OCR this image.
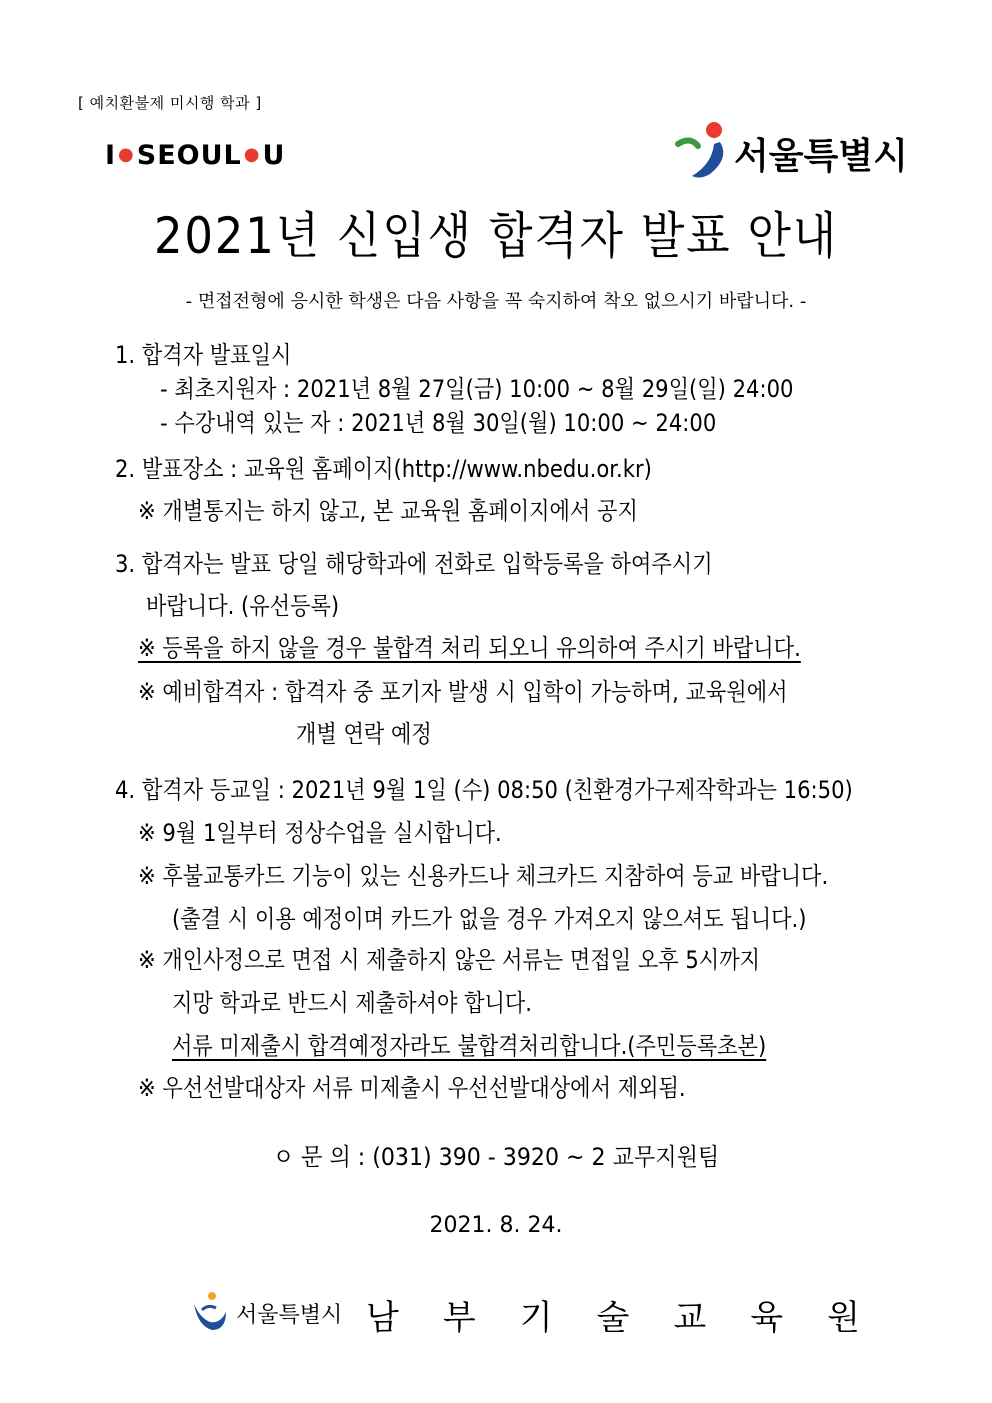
[ 예치환불제 미시행 학과 ]
I ●SEOUL ●U	서울특별시
2021년 신입생 합격자 발표 안내
- 면접전형에 응시한 학생은 다음 사항을 꼭 숙지하여 착오 없으시기 바랍니다. -
1. 합격자 발표일시
- 최초지원자 : 2021년 8월 27일(금) 10:00 ~ 8월 29일(일) 24:00
- 수강내역 있는 자 : 2021년 8월 30일(월) 10:00 ~ 24:00
2. 발표장소 : 교육원 홈페이지(http://www.nbedu.or.kr)
※ 개별통지는 하지 않고, 본 교육원 홈페이지에서 공지
3. 합격자는 발표 당일 해당학과에 전화로 입학등록을 하여주시기
바랍니다. (유선등록)
※ 등록을 하지 않을 경우 불합격 처리 되오니 유의하여 주시기 바랍니다.
※ 예비합격자 : 합격자 중 포기자 발생 시 입학이 가능하며, 교육원에서
개별 연락 예정
4. 합격자 등교일 : 2021년 9월 1일 (수) 08:50 (친환경가구제작학과는 16:50)
※ 9월 1일부터 정상수업을 실시합니다.
※ 후불교통카드 기능이 있는 신용카드나 체크카드 지참하여 등교 바랍니다.
(출결 시 이용 예정이며 카드가 없을 경우 가져오지 않으셔도 됩니다.)
※ 개인사정으로 면접 시 제출하지 않은 서류는 면접일 오후 5시까지
지망 학과로 반드시 제출하셔야 합니다.
서류 미제출시 합격예정자라도 불합격처리합니다.(주민등록초본)
※ 우선선발대상자 서류 미제출시 우선선발대상에서 제외됨.
ㅇ 문 의 : (031) 390 - 3920 ~ 2 교무지원팀
2021. 8. 24.
서울특별시 남부기술교육원
